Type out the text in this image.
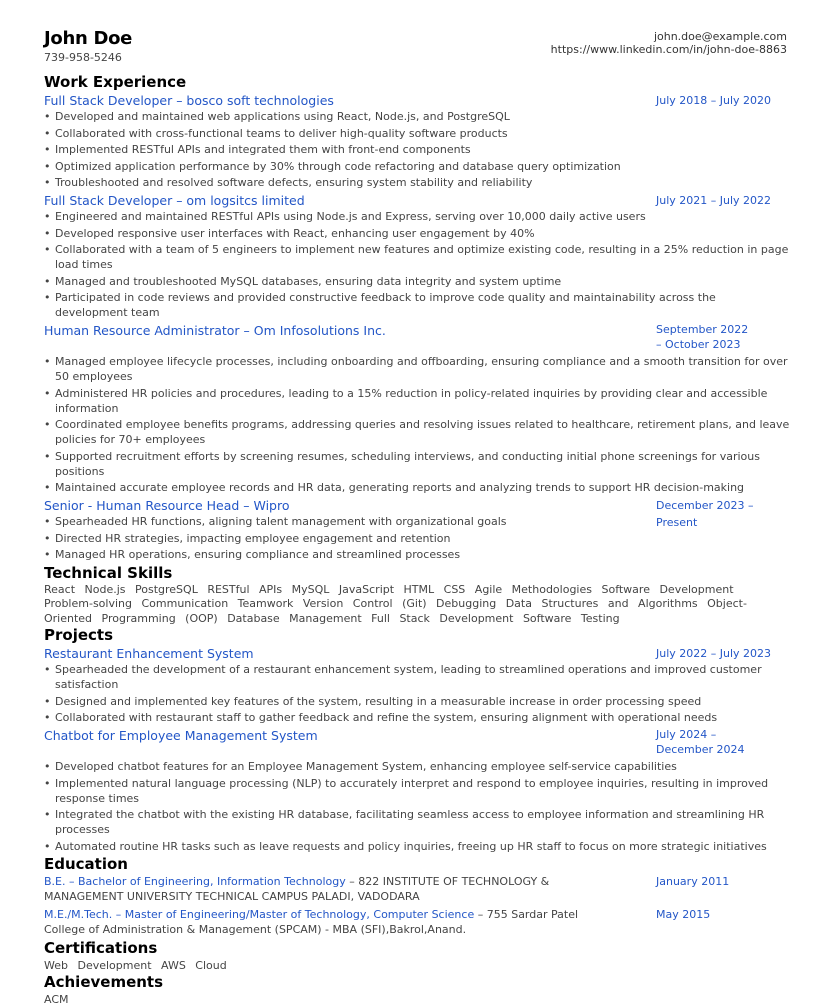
John Doe
739-958-5246
john.doe@example.com
https://www.linkedin.com/in/john-doe-8863
Work Experience
Full Stack Developer – bosco soft technologies	July 2018 – July 2020
• Developed and maintained web applications using React, Node.js, and PostgreSQL
• Collaborated with cross-functional teams to deliver high-quality software products
• Implemented RESTful APIs and integrated them with front-end components
• Optimized application performance by 30% through code refactoring and database query optimization
• Troubleshooted and resolved software defects, ensuring system stability and reliability
Full Stack Developer – om logsitcs limited	July 2021 – July 2022
• Engineered and maintained RESTful APIs using Node.js and Express, serving over 10,000 daily active users
• Developed responsive user interfaces with React, enhancing user engagement by 40%
• Collaborated with a team of 5 engineers to implement new features and optimize existing code, resulting in a 25% reduction in page load times
• Managed and troubleshooted MySQL databases, ensuring data integrity and system uptime
• Participated in code reviews and provided constructive feedback to improve code quality and maintainability across the development team
Human Resource Administrator – Om Infosolutions Inc.	September 2022 – October 2023
• Managed employee lifecycle processes, including onboarding and offboarding, ensuring compliance and a smooth transition for over 50 employees
• Administered HR policies and procedures, leading to a 15% reduction in policy-related inquiries by providing clear and accessible information
• Coordinated employee benefits programs, addressing queries and resolving issues related to healthcare, retirement plans, and leave policies for 70+ employees
• Supported recruitment efforts by screening resumes, scheduling interviews, and conducting initial phone screenings for various positions
• Maintained accurate employee records and HR data, generating reports and analyzing trends to support HR decision-making
Senior - Human Resource Head – Wipro	December 2023 – Present
• Spearheaded HR functions, aligning talent management with organizational goals
• Directed HR strategies, impacting employee engagement and retention
• Managed HR operations, ensuring compliance and streamlined processes
Technical Skills
React Node.js PostgreSQL RESTful APIs MySQL JavaScript HTML CSS Agile Methodologies Software Development Problem-solving Communication Teamwork Version Control (Git) Debugging Data Structures and Algorithms Object-Oriented Programming (OOP) Database Management Full Stack Development Software Testing
Projects
Restaurant Enhancement System	July 2022 – July 2023
• Spearheaded the development of a restaurant enhancement system, leading to streamlined operations and improved customer satisfaction
• Designed and implemented key features of the system, resulting in a measurable increase in order processing speed
• Collaborated with restaurant staff to gather feedback and refine the system, ensuring alignment with operational needs
Chatbot for Employee Management System	July 2024 – December 2024
• Developed chatbot features for an Employee Management System, enhancing employee self-service capabilities
• Implemented natural language processing (NLP) to accurately interpret and respond to employee inquiries, resulting in improved response times
• Integrated the chatbot with the existing HR database, facilitating seamless access to employee information and streamlining HR processes
• Automated routine HR tasks such as leave requests and policy inquiries, freeing up HR staff to focus on more strategic initiatives
Education
B.E. – Bachelor of Engineering, Information Technology – 822 INSTITUTE OF TECHNOLOGY & MANAGEMENT UNIVERSITY TECHNICAL CAMPUS PALADI, VADODARA
January 2011
M.E./M.Tech. – Master of Engineering/Master of Technology, Computer Science – 755 Sardar Patel College of Administration & Management (SPCAM) - MBA (SFI),Bakrol,Anand.
May 2015
Certifications
Web Development AWS Cloud
Achievements
ACM
